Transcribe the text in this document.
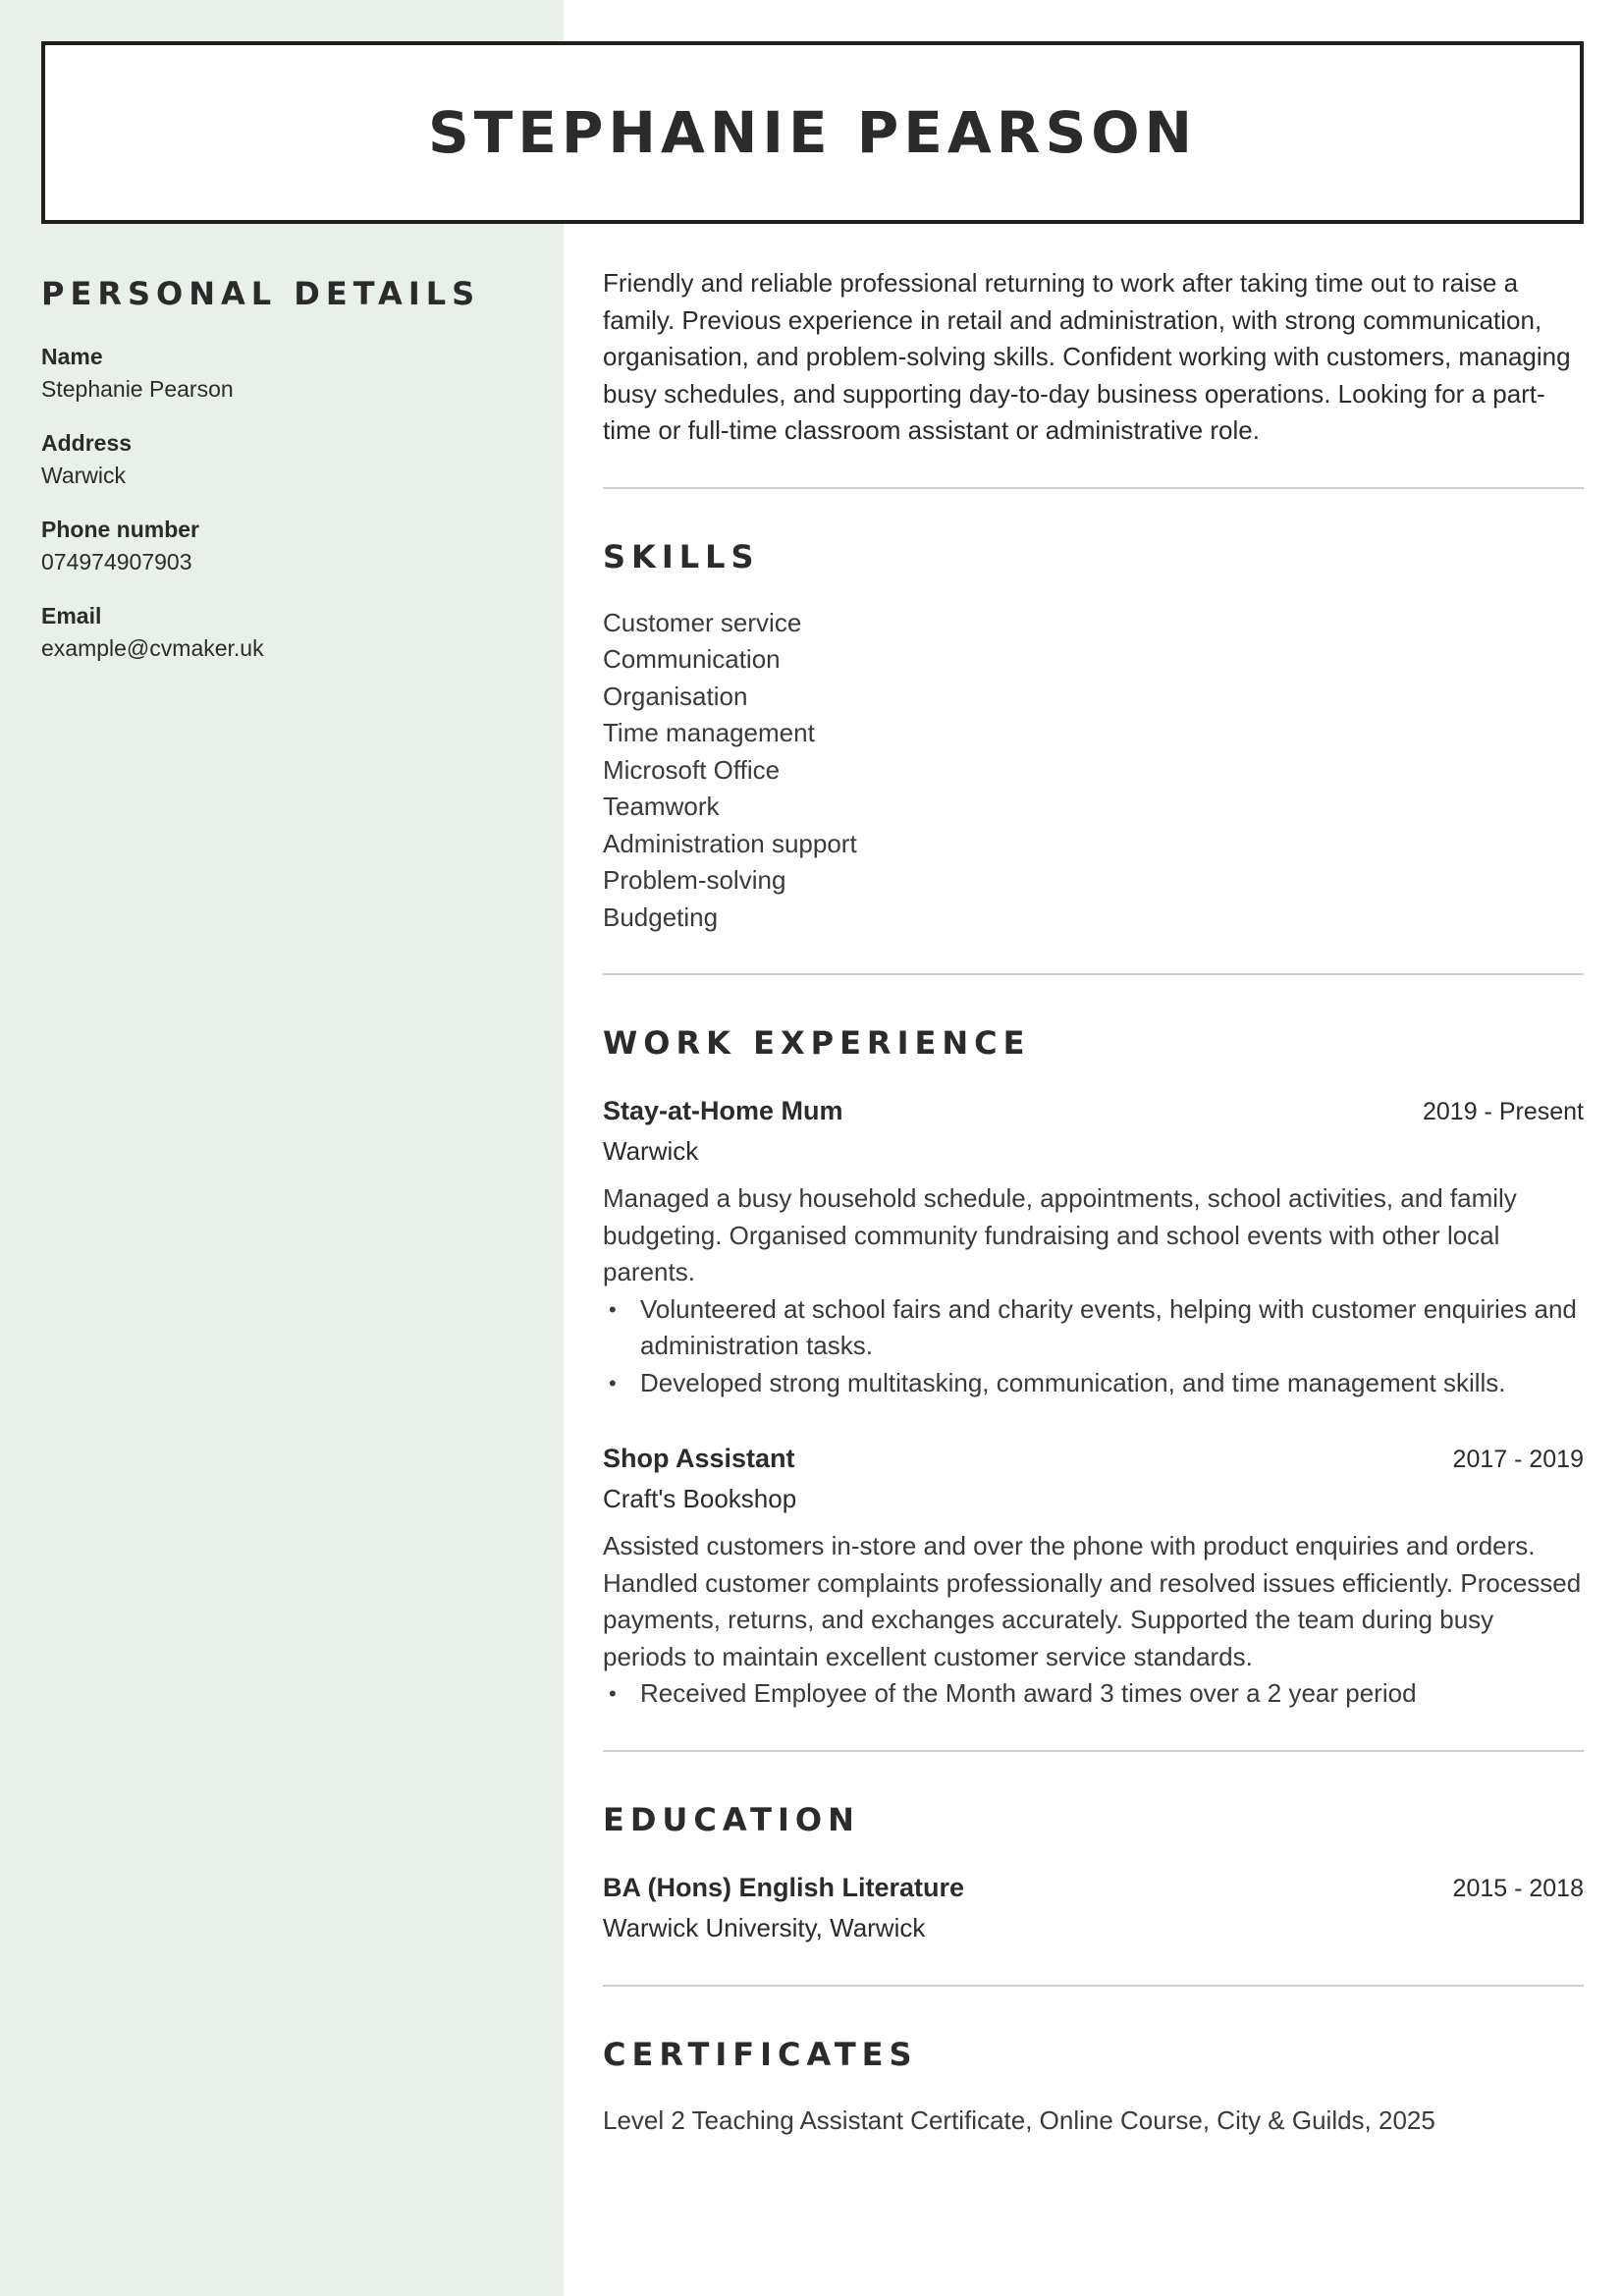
STEPHANIE PEARSON
PERSONAL DETAILS
Name
Stephanie Pearson
Address
Warwick
Phone number
074974907903
Email
example@cvmaker.uk

Friendly and reliable professional returning to work after taking time out to raise a family. Previous experience in retail and administration, with strong communication, organisation, and problem-solving skills. Confident working with customers, managing busy schedules, and supporting day-to-day business operations. Looking for a part-time or full-time classroom assistant or administrative role.

SKILLS
Customer service
Communication
Organisation
Time management
Microsoft Office
Teamwork
Administration support
Problem-solving
Budgeting
WORK EXPERIENCE
Stay-at-Home Mum	2019 - Present
Warwick

Managed a busy household schedule, appointments, school activities, and family budgeting. Organised community fundraising and school events with other local parents.

• Volunteered at school fairs and charity events, helping with customer enquiries and administration tasks.
• Developed strong multitasking, communication, and time management skills.
Shop Assistant	2017 - 2019
Craft's Bookshop

Assisted customers in-store and over the phone with product enquiries and orders. Handled customer complaints professionally and resolved issues efficiently. Processed payments, returns, and exchanges accurately. Supported the team during busy periods to maintain excellent customer service standards.

• Received Employee of the Month award 3 times over a 2 year period
EDUCATION
BA (Hons) English Literature	2015 - 2018
Warwick University, Warwick
CERTIFICATES

Level 2 Teaching Assistant Certificate, Online Course, City & Guilds, 2025
